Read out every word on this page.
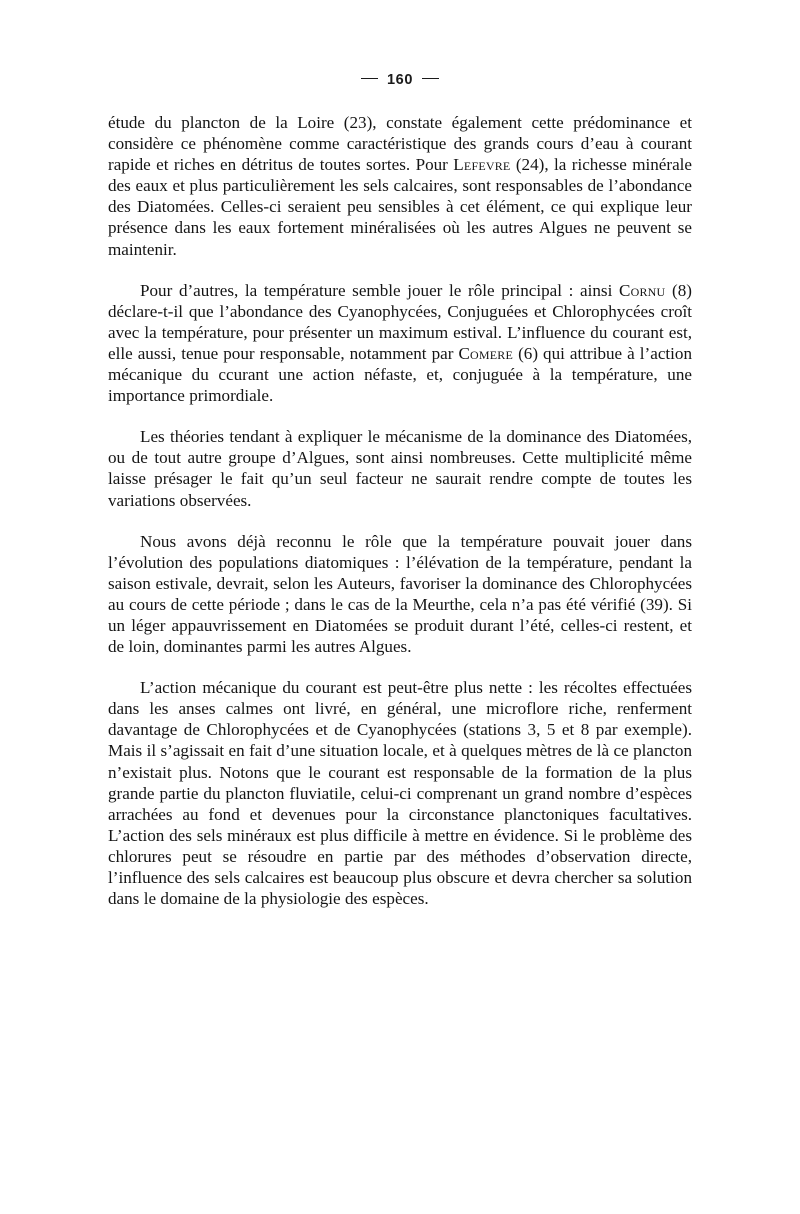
160

étude du plancton de la Loire (23), constate également cette prédominance et considère ce phénomène comme caractéristique des grands cours d’eau à courant rapide et riches en détritus de toutes sortes. Pour Lefevre (24), la richesse minérale des eaux et plus particulièrement les sels calcaires, sont responsables de l’abondance des Diatomées. Celles-ci seraient peu sensibles à cet élément, ce qui explique leur présence dans les eaux fortement minéralisées où les autres Algues ne peuvent se maintenir.

Pour d’autres, la température semble jouer le rôle principal : ainsi Cornu (8) déclare-t-il que l’abondance des Cyanophycées, Conjuguées et Chlorophycées croît avec la température, pour présenter un maximum estival. L’influence du courant est, elle aussi, tenue pour responsable, notamment par Comere (6) qui attribue à l’action mécanique du ccurant une action néfaste, et, conjuguée à la température, une importance primordiale.

Les théories tendant à expliquer le mécanisme de la dominance des Diatomées, ou de tout autre groupe d’Algues, sont ainsi nombreuses. Cette multiplicité même laisse présager le fait qu’un seul facteur ne saurait rendre compte de toutes les variations observées.

Nous avons déjà reconnu le rôle que la température pouvait jouer dans l’évolution des populations diatomiques : l’élévation de la température, pendant la saison estivale, devrait, selon les Auteurs, favoriser la dominance des Chlorophycées au cours de cette période ; dans le cas de la Meurthe, cela n’a pas été vérifié (39). Si un léger appauvrissement en Diatomées se produit durant l’été, celles-ci restent, et de loin, dominantes parmi les autres Algues.

L’action mécanique du courant est peut-être plus nette : les récoltes effectuées dans les anses calmes ont livré, en général, une microflore riche, renferment davantage de Chlorophycées et de Cyanophycées (stations 3, 5 et 8 par exemple). Mais il s’agissait en fait d’une situation locale, et à quelques mètres de là ce plancton n’existait plus. Notons que le courant est responsable de la formation de la plus grande partie du plancton fluviatile, celui-ci comprenant un grand nombre d’espèces arrachées au fond et devenues pour la circonstance planctoniques facultatives. L’action des sels minéraux est plus difficile à mettre en évidence. Si le problème des chlorures peut se résoudre en partie par des méthodes d’observation directe, l’influence des sels calcaires est beaucoup plus obscure et devra chercher sa solution dans le domaine de la physiologie des espèces.
